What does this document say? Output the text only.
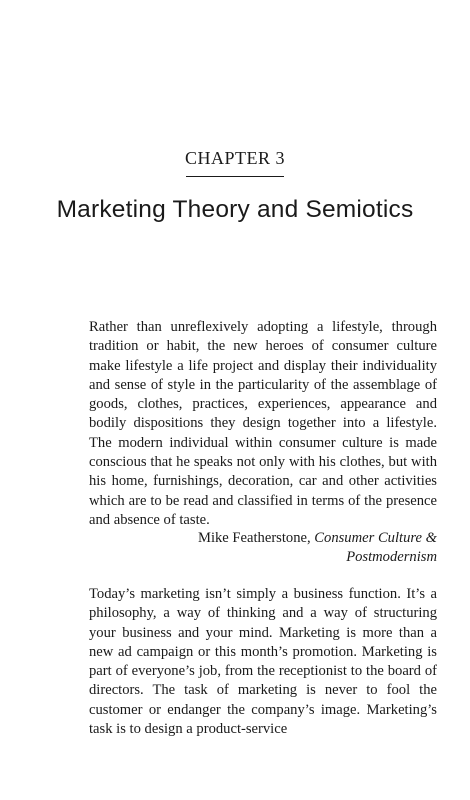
CHAPTER 3
Marketing Theory and Semiotics

Rather than unreflexively adopting a lifestyle, through tradition or habit, the new heroes of consumer culture make lifestyle a life project and display their individuality and sense of style in the particularity of the assemblage of goods, clothes, practices, experiences, appearance and bodily dispositions they design together into a lifestyle. The modern individual within consumer culture is made conscious that he speaks not only with his clothes, but with his home, furnishings, decoration, car and other activities which are to be read and classified in terms of the presence and absence of taste.

Mike Featherstone, Consumer Culture &
Postmodernism

Today’s marketing isn’t simply a business function. It’s a philosophy, a way of thinking and a way of structuring your business and your mind. Marketing is more than a new ad campaign or this month’s promotion. Marketing is part of everyone’s job, from the receptionist to the board of directors. The task of marketing is never to fool the customer or endanger the company’s image. Marketing’s task is to design a product-service
